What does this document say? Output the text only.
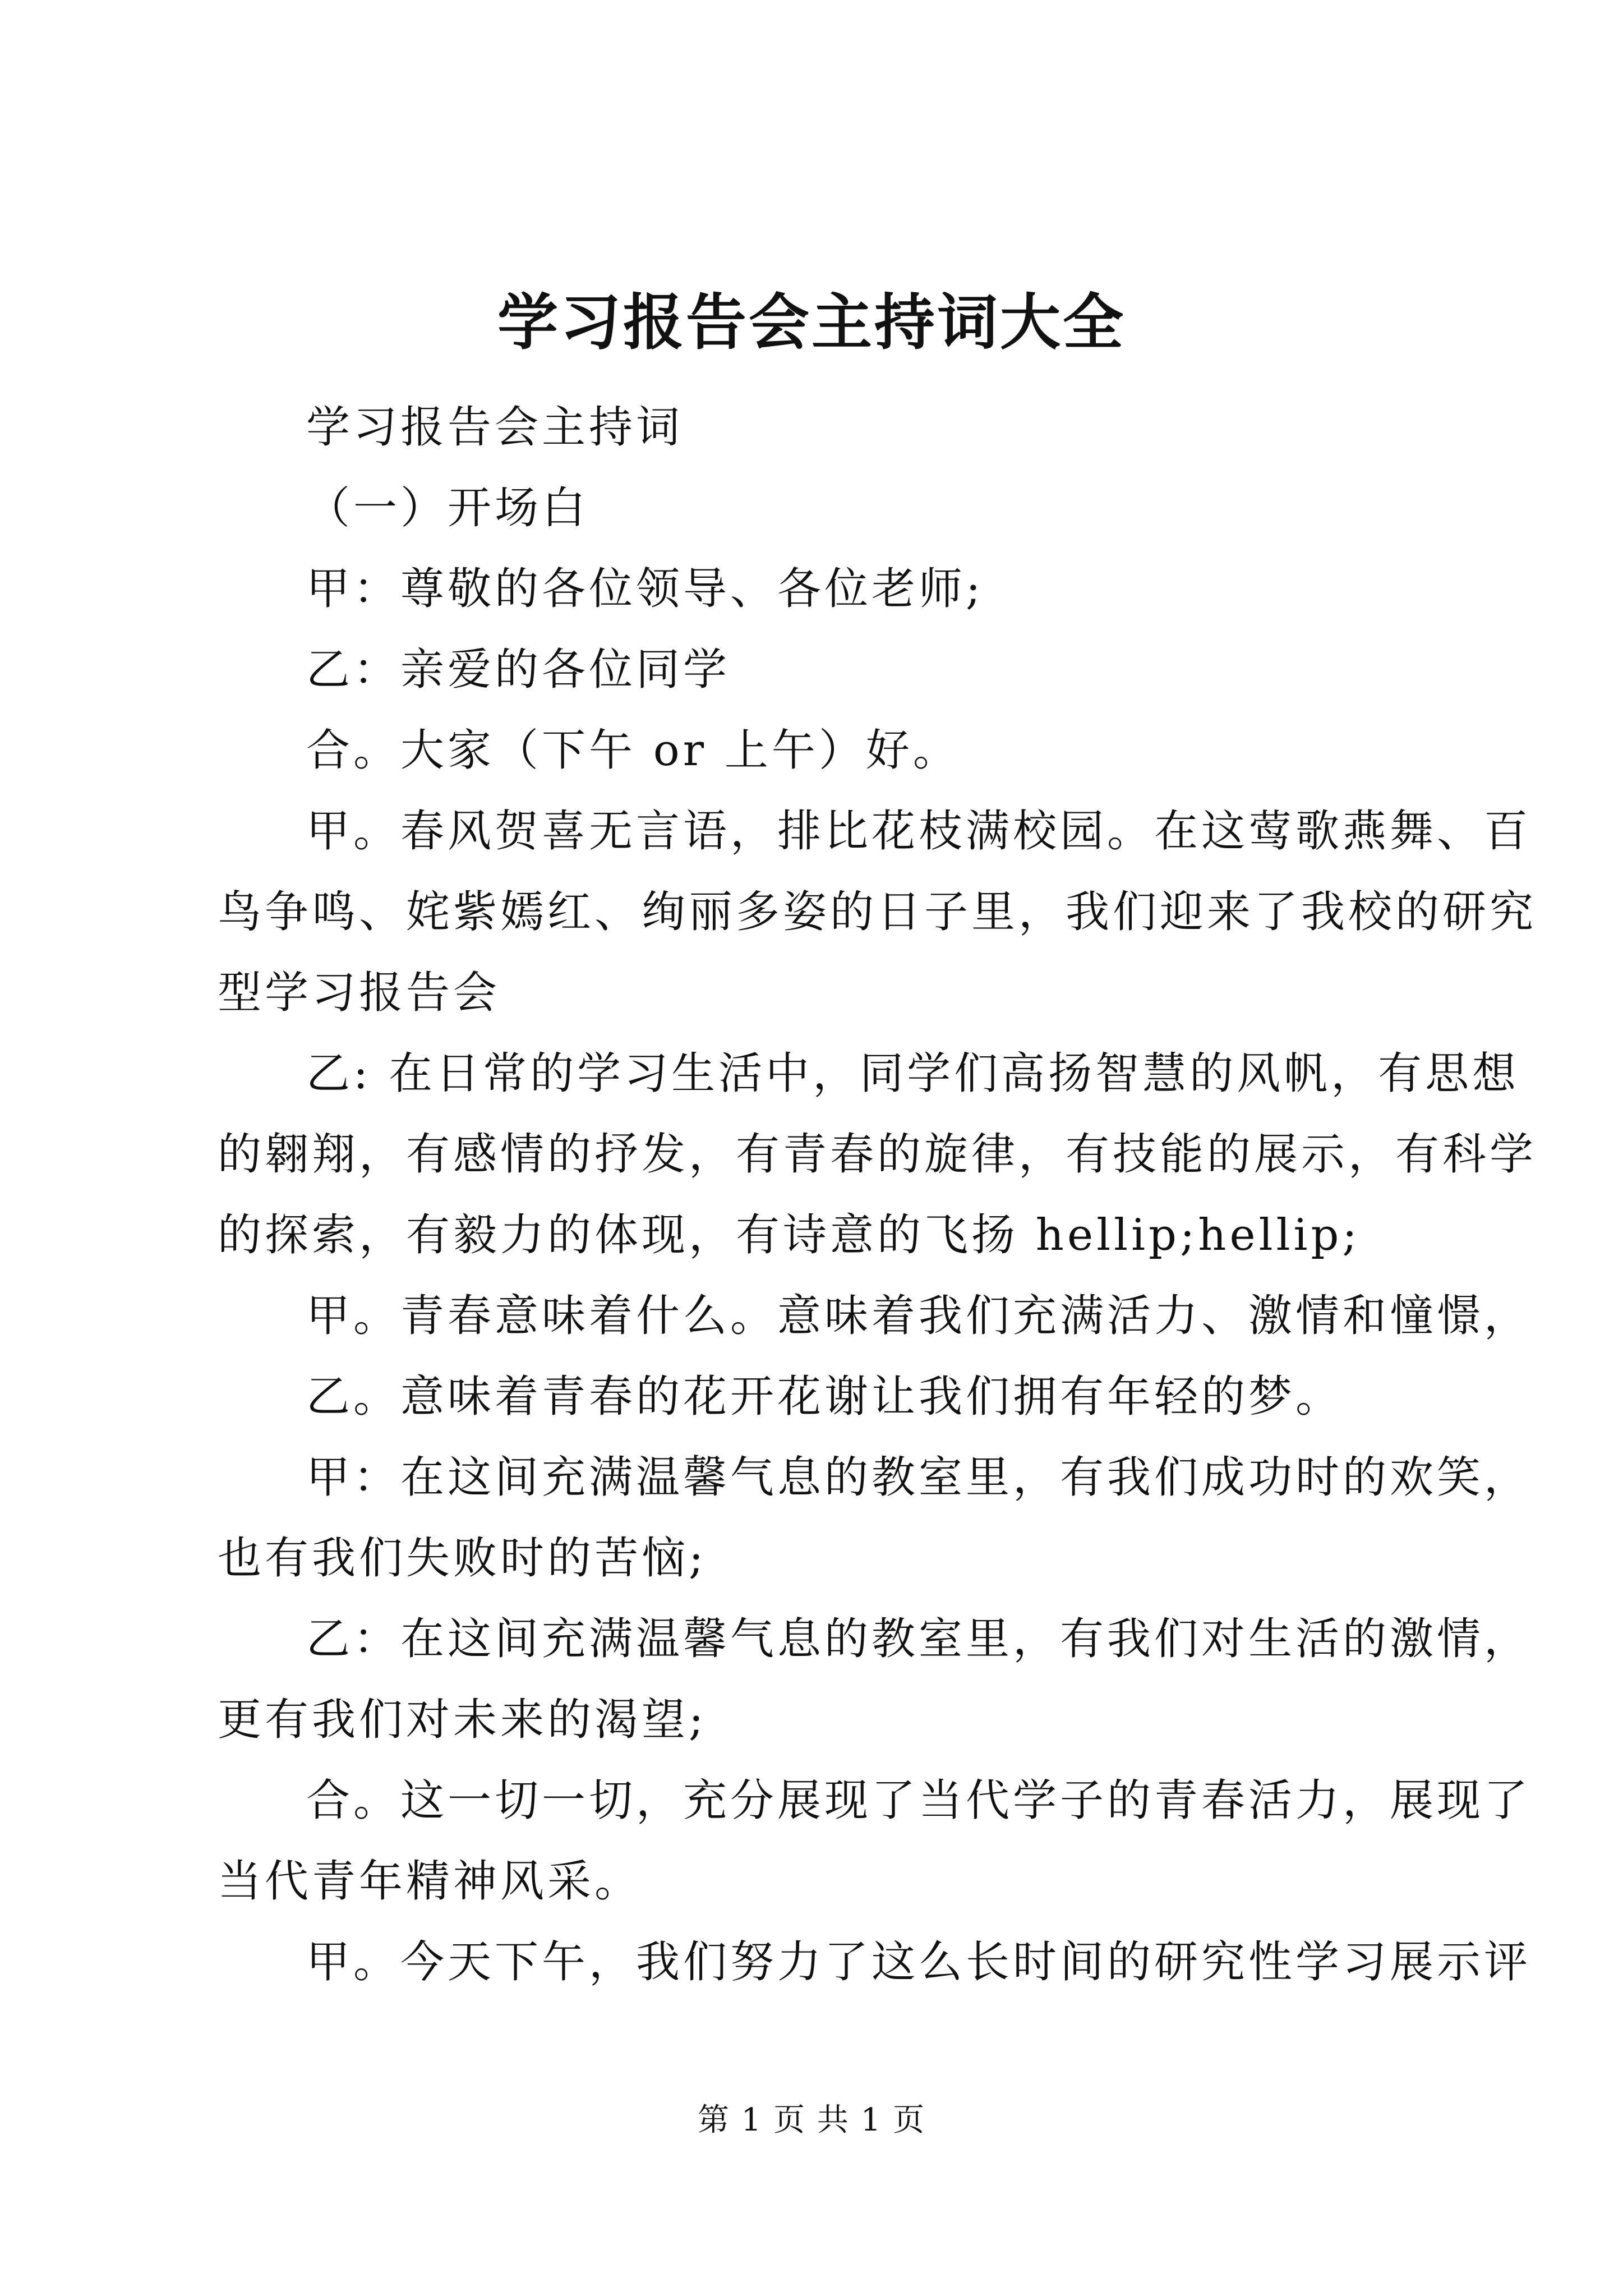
学习报告会主持词大全
学习报告会主持词
（一）开场白
甲：尊敬的各位领导、各位老师;
乙：亲爱的各位同学
合。大家（下午 or 上午）好。
甲。春风贺喜无言语，排比花枝满校园。在这莺歌燕舞、百
鸟争鸣、姹紫嫣红、绚丽多姿的日子里，我们迎来了我校的研究
型学习报告会
乙: 在日常的学习生活中，同学们高扬智慧的风帆，有思想
的翱翔，有感情的抒发，有青春的旋律，有技能的展示，有科学
的探索，有毅力的体现，有诗意的飞扬 hellip;hellip;
甲。青春意味着什么。意味着我们充满活力、激情和憧憬，
乙。意味着青春的花开花谢让我们拥有年轻的梦。
甲：在这间充满温馨气息的教室里，有我们成功时的欢笑，
也有我们失败时的苦恼;
乙：在这间充满温馨气息的教室里，有我们对生活的激情，
更有我们对未来的渴望;
合。这一切一切，充分展现了当代学子的青春活力，展现了
当代青年精神风采。
甲。今天下午，我们努力了这么长时间的研究性学习展示评
第 1 页 共 1 页
